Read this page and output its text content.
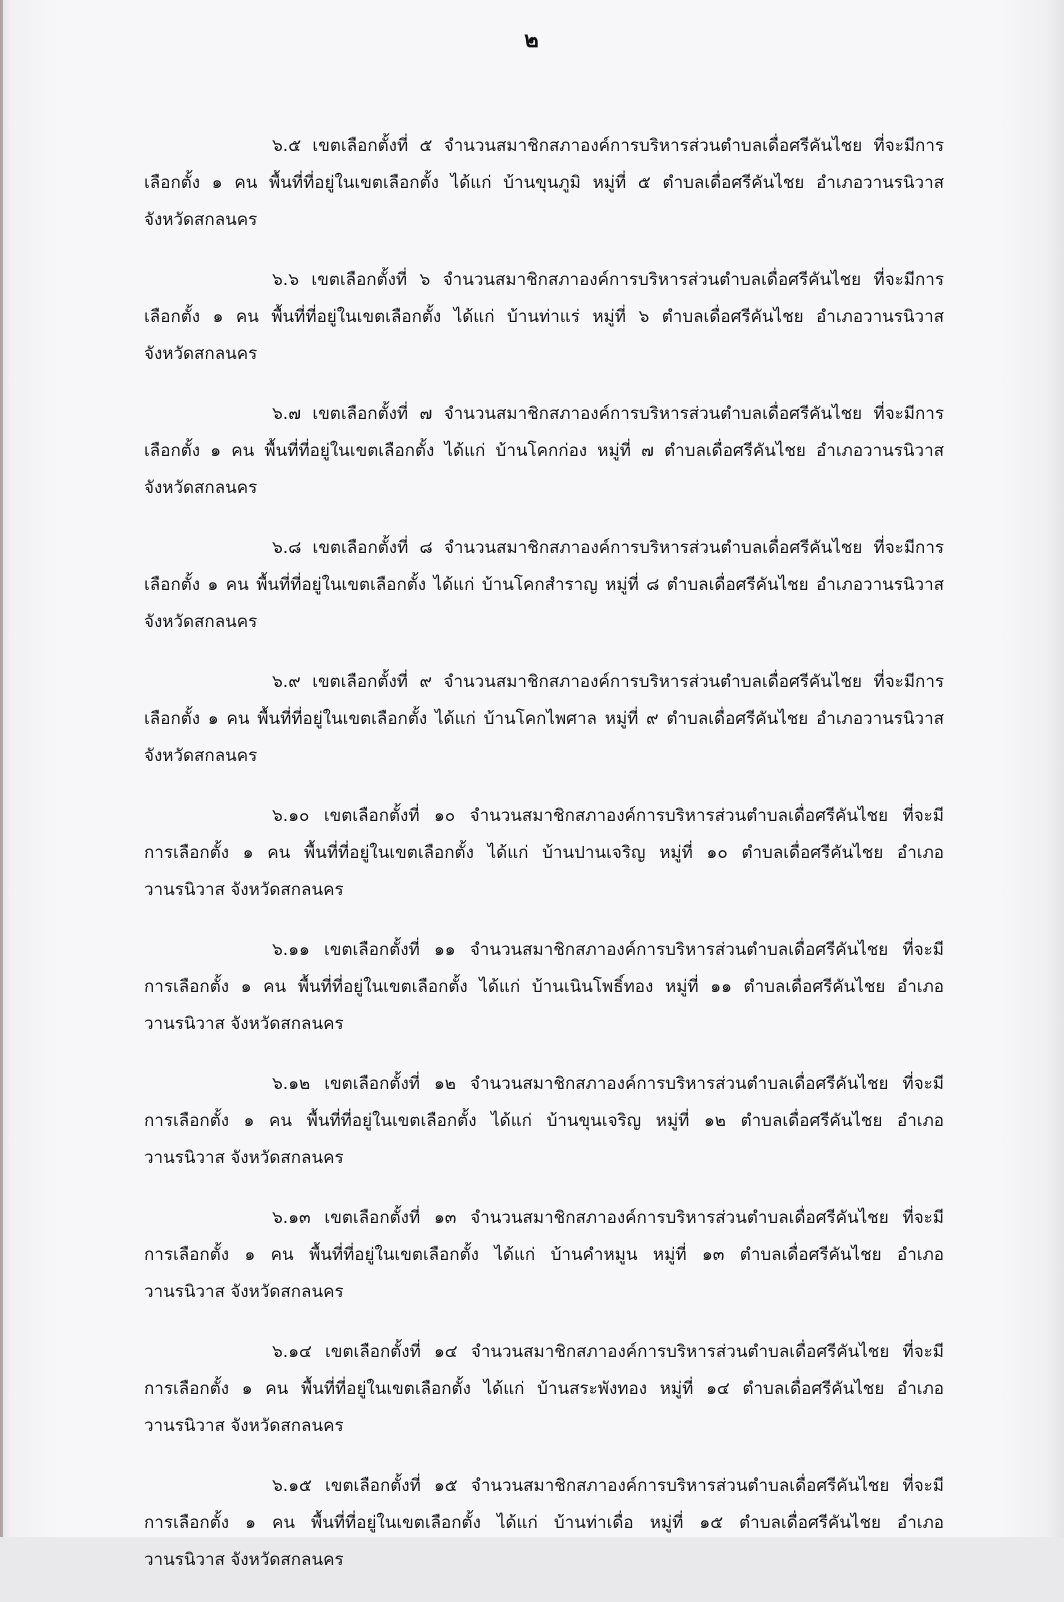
๒
๖.๕ เขตเลือกตั้งที่ ๕ จำนวนสมาชิกสภาองค์การบริหารส่วนตำบลเดื่อศรีคันไชย ที่จะมีการ
เลือกตั้ง ๑ คน พื้นที่ที่อยู่ในเขตเลือกตั้ง ได้แก่ บ้านขุนภูมิ หมู่ที่ ๕ ตำบลเดื่อศรีคันไชย อำเภอวานรนิวาส
จังหวัดสกลนคร
๖.๖ เขตเลือกตั้งที่ ๖ จำนวนสมาชิกสภาองค์การบริหารส่วนตำบลเดื่อศรีคันไชย ที่จะมีการ
เลือกตั้ง ๑ คน พื้นที่ที่อยู่ในเขตเลือกตั้ง ได้แก่ บ้านท่าแร่ หมู่ที่ ๖ ตำบลเดื่อศรีคันไชย อำเภอวานรนิวาส
จังหวัดสกลนคร
๖.๗ เขตเลือกตั้งที่ ๗ จำนวนสมาชิกสภาองค์การบริหารส่วนตำบลเดื่อศรีคันไชย ที่จะมีการ
เลือกตั้ง ๑ คน พื้นที่ที่อยู่ในเขตเลือกตั้ง ได้แก่ บ้านโคกก่อง หมู่ที่ ๗ ตำบลเดื่อศรีคันไชย อำเภอวานรนิวาส
จังหวัดสกลนคร
๖.๘ เขตเลือกตั้งที่ ๘ จำนวนสมาชิกสภาองค์การบริหารส่วนตำบลเดื่อศรีคันไชย ที่จะมีการ
เลือกตั้ง ๑ คน พื้นที่ที่อยู่ในเขตเลือกตั้ง ได้แก่ บ้านโคกสำราญ หมู่ที่ ๘ ตำบลเดื่อศรีคันไชย อำเภอวานรนิวาส
จังหวัดสกลนคร
๖.๙ เขตเลือกตั้งที่ ๙ จำนวนสมาชิกสภาองค์การบริหารส่วนตำบลเดื่อศรีคันไชย ที่จะมีการ
เลือกตั้ง ๑ คน พื้นที่ที่อยู่ในเขตเลือกตั้ง ได้แก่ บ้านโคกไพศาล หมู่ที่ ๙ ตำบลเดื่อศรีคันไชย อำเภอวานรนิวาส
จังหวัดสกลนคร
๖.๑๐ เขตเลือกตั้งที่ ๑๐ จำนวนสมาชิกสภาองค์การบริหารส่วนตำบลเดื่อศรีคันไชย ที่จะมี
การเลือกตั้ง ๑ คน พื้นที่ที่อยู่ในเขตเลือกตั้ง ได้แก่ บ้านปานเจริญ หมู่ที่ ๑๐ ตำบลเดื่อศรีคันไชย อำเภอ
วานรนิวาส จังหวัดสกลนคร
๖.๑๑ เขตเลือกตั้งที่ ๑๑ จำนวนสมาชิกสภาองค์การบริหารส่วนตำบลเดื่อศรีคันไชย ที่จะมี
การเลือกตั้ง ๑ คน พื้นที่ที่อยู่ในเขตเลือกตั้ง ได้แก่ บ้านเนินโพธิ์ทอง หมู่ที่ ๑๑ ตำบลเดื่อศรีคันไชย อำเภอ
วานรนิวาส จังหวัดสกลนคร
๖.๑๒ เขตเลือกตั้งที่ ๑๒ จำนวนสมาชิกสภาองค์การบริหารส่วนตำบลเดื่อศรีคันไชย ที่จะมี
การเลือกตั้ง ๑ คน พื้นที่ที่อยู่ในเขตเลือกตั้ง ได้แก่ บ้านขุนเจริญ หมู่ที่ ๑๒ ตำบลเดื่อศรีคันไชย อำเภอ
วานรนิวาส จังหวัดสกลนคร
๖.๑๓ เขตเลือกตั้งที่ ๑๓ จำนวนสมาชิกสภาองค์การบริหารส่วนตำบลเดื่อศรีคันไชย ที่จะมี
การเลือกตั้ง ๑ คน พื้นที่ที่อยู่ในเขตเลือกตั้ง ได้แก่ บ้านคำหมูน หมู่ที่ ๑๓ ตำบลเดื่อศรีคันไชย อำเภอ
วานรนิวาส จังหวัดสกลนคร
๖.๑๔ เขตเลือกตั้งที่ ๑๔ จำนวนสมาชิกสภาองค์การบริหารส่วนตำบลเดื่อศรีคันไชย ที่จะมี
การเลือกตั้ง ๑ คน พื้นที่ที่อยู่ในเขตเลือกตั้ง ได้แก่ บ้านสระพังทอง หมู่ที่ ๑๔ ตำบลเดื่อศรีคันไชย อำเภอ
วานรนิวาส จังหวัดสกลนคร
๖.๑๕ เขตเลือกตั้งที่ ๑๕ จำนวนสมาชิกสภาองค์การบริหารส่วนตำบลเดื่อศรีคันไชย ที่จะมี
การเลือกตั้ง ๑ คน พื้นที่ที่อยู่ในเขตเลือกตั้ง ได้แก่ บ้านท่าเดื่อ หมู่ที่ ๑๕ ตำบลเดื่อศรีคันไชย อำเภอ
วานรนิวาส จังหวัดสกลนคร
